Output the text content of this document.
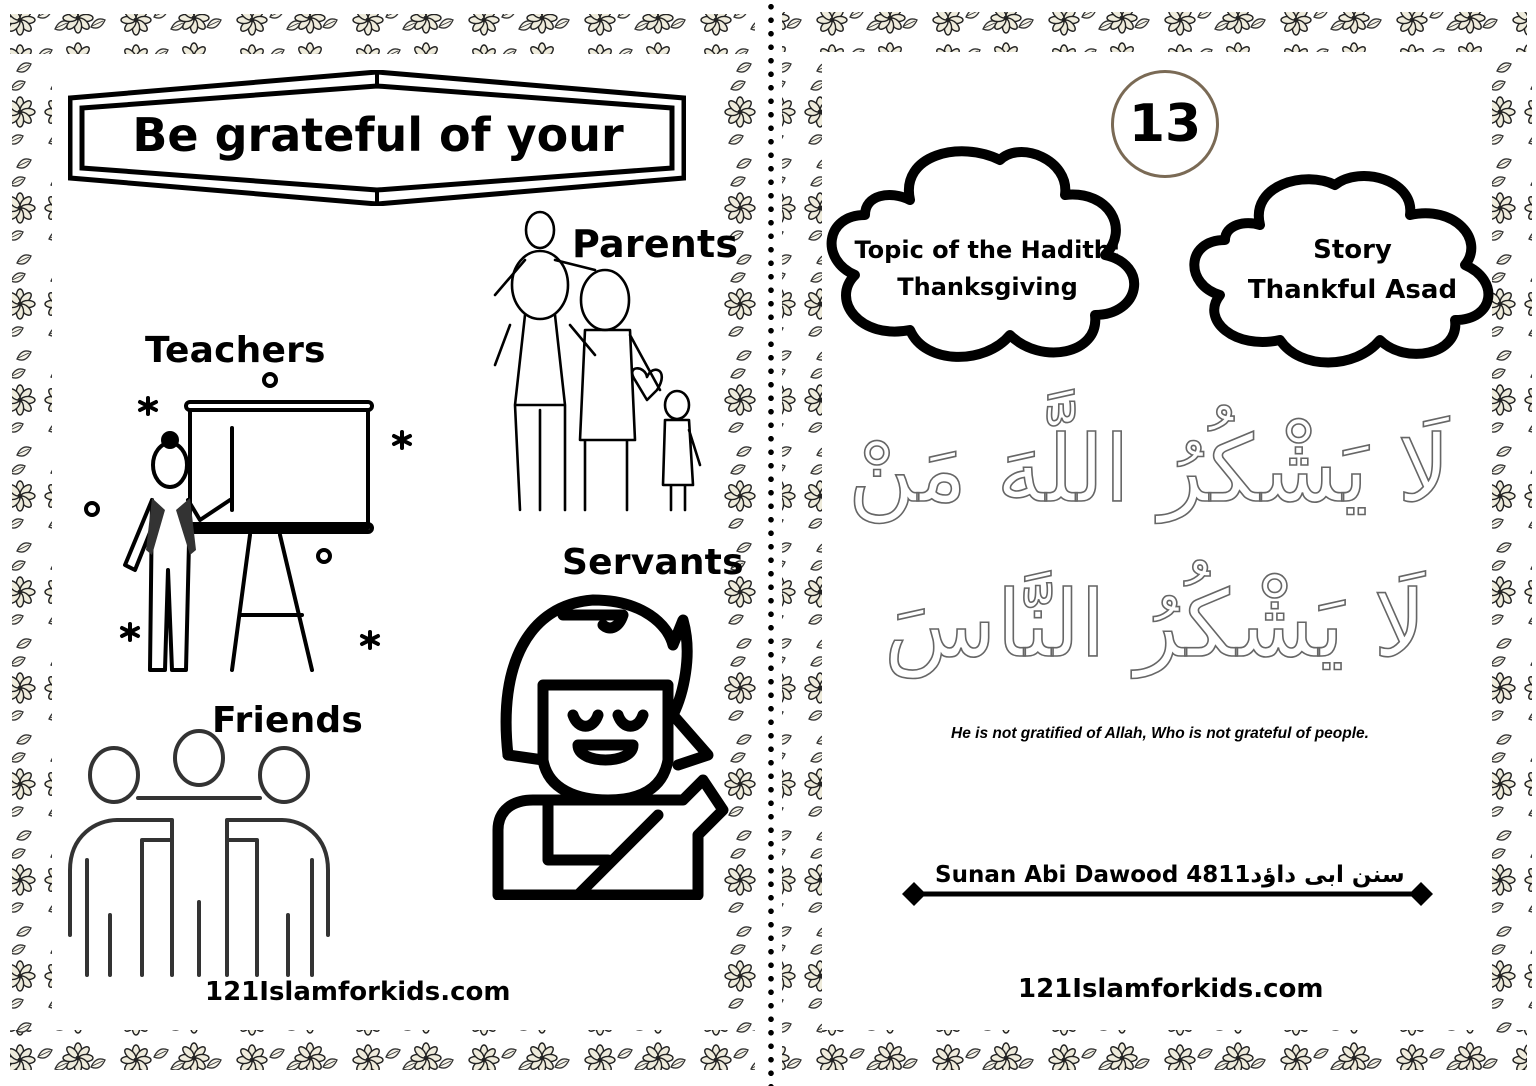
Be grateful of your
Parents
Teachers
Servants
Friends
121Islamforkids.com
13
Topic of the Hadith:
Thanksgiving
Story
Thankful Asad
لَا يَشْكُرُ اللَّهَ مَنْ
لَا يَشْكُرُ النَّاسَ
He is not gratified of Allah, Who is not grateful of people.
Sunan Abi Dawood 4811سنن ابی داؤد
121Islamforkids.com
